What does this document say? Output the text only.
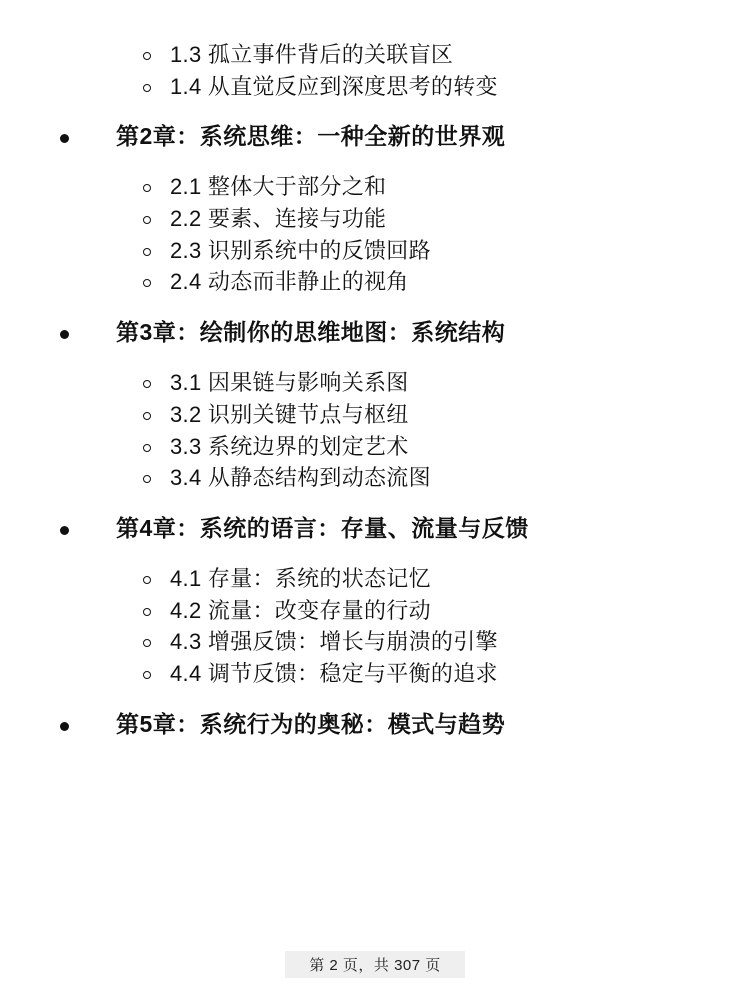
1.3 孤立事件背后的关联盲区
1.4 从直觉反应到深度思考的转变
第2章：系统思维：一种全新的世界观
2.1 整体大于部分之和
2.2 要素、连接与功能
2.3 识别系统中的反馈回路
2.4 动态而非静止的视角
第3章：绘制你的思维地图：系统结构
3.1 因果链与影响关系图
3.2 识别关键节点与枢纽
3.3 系统边界的划定艺术
3.4 从静态结构到动态流图
第4章：系统的语言：存量、流量与反馈
4.1 存量：系统的状态记忆
4.2 流量：改变存量的行动
4.3 增强反馈：增长与崩溃的引擎
4.4 调节反馈：稳定与平衡的追求
第5章：系统行为的奥秘：模式与趋势
第 2 页，共 307 页
